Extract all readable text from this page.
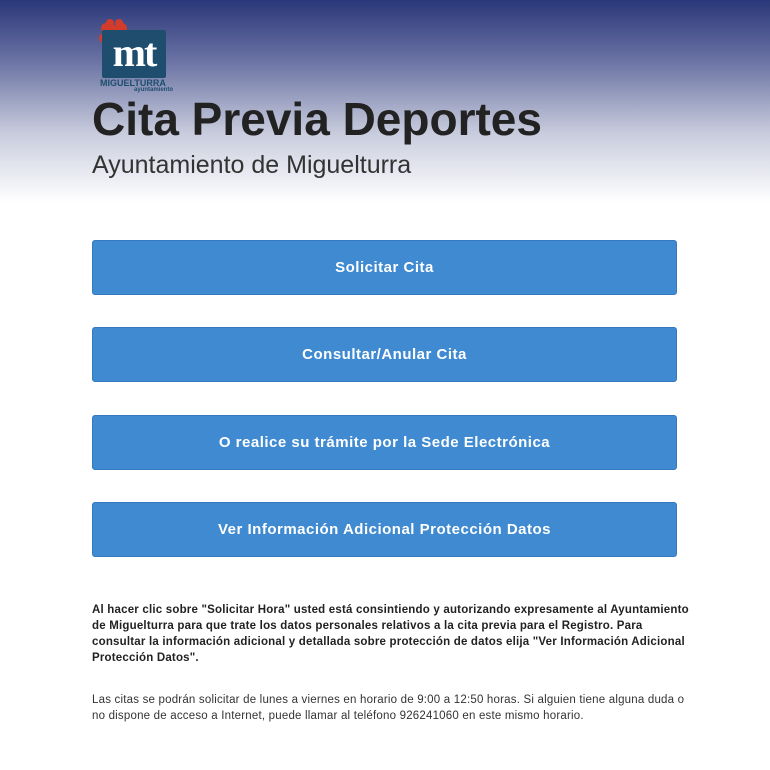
mt
MIGUELTURRA
ayuntamiento
Cita Previa Deportes
Ayuntamiento de Miguelturra
Solicitar Cita
Consultar/Anular Cita
O realice su trámite por la Sede Electrónica
Ver Información Adicional Protección Datos

Al hacer clic sobre "Solicitar Hora" usted está consintiendo y autorizando expresamente al Ayuntamiento de Miguelturra para que trate los datos personales relativos a la cita previa para el Registro. Para consultar la información adicional y detallada sobre protección de datos elija "Ver Información Adicional Protección Datos".

Las citas se podrán solicitar de lunes a viernes en horario de 9:00 a 12:50 horas. Si alguien tiene alguna duda o no dispone de acceso a Internet, puede llamar al teléfono 926241060 en este mismo horario.
